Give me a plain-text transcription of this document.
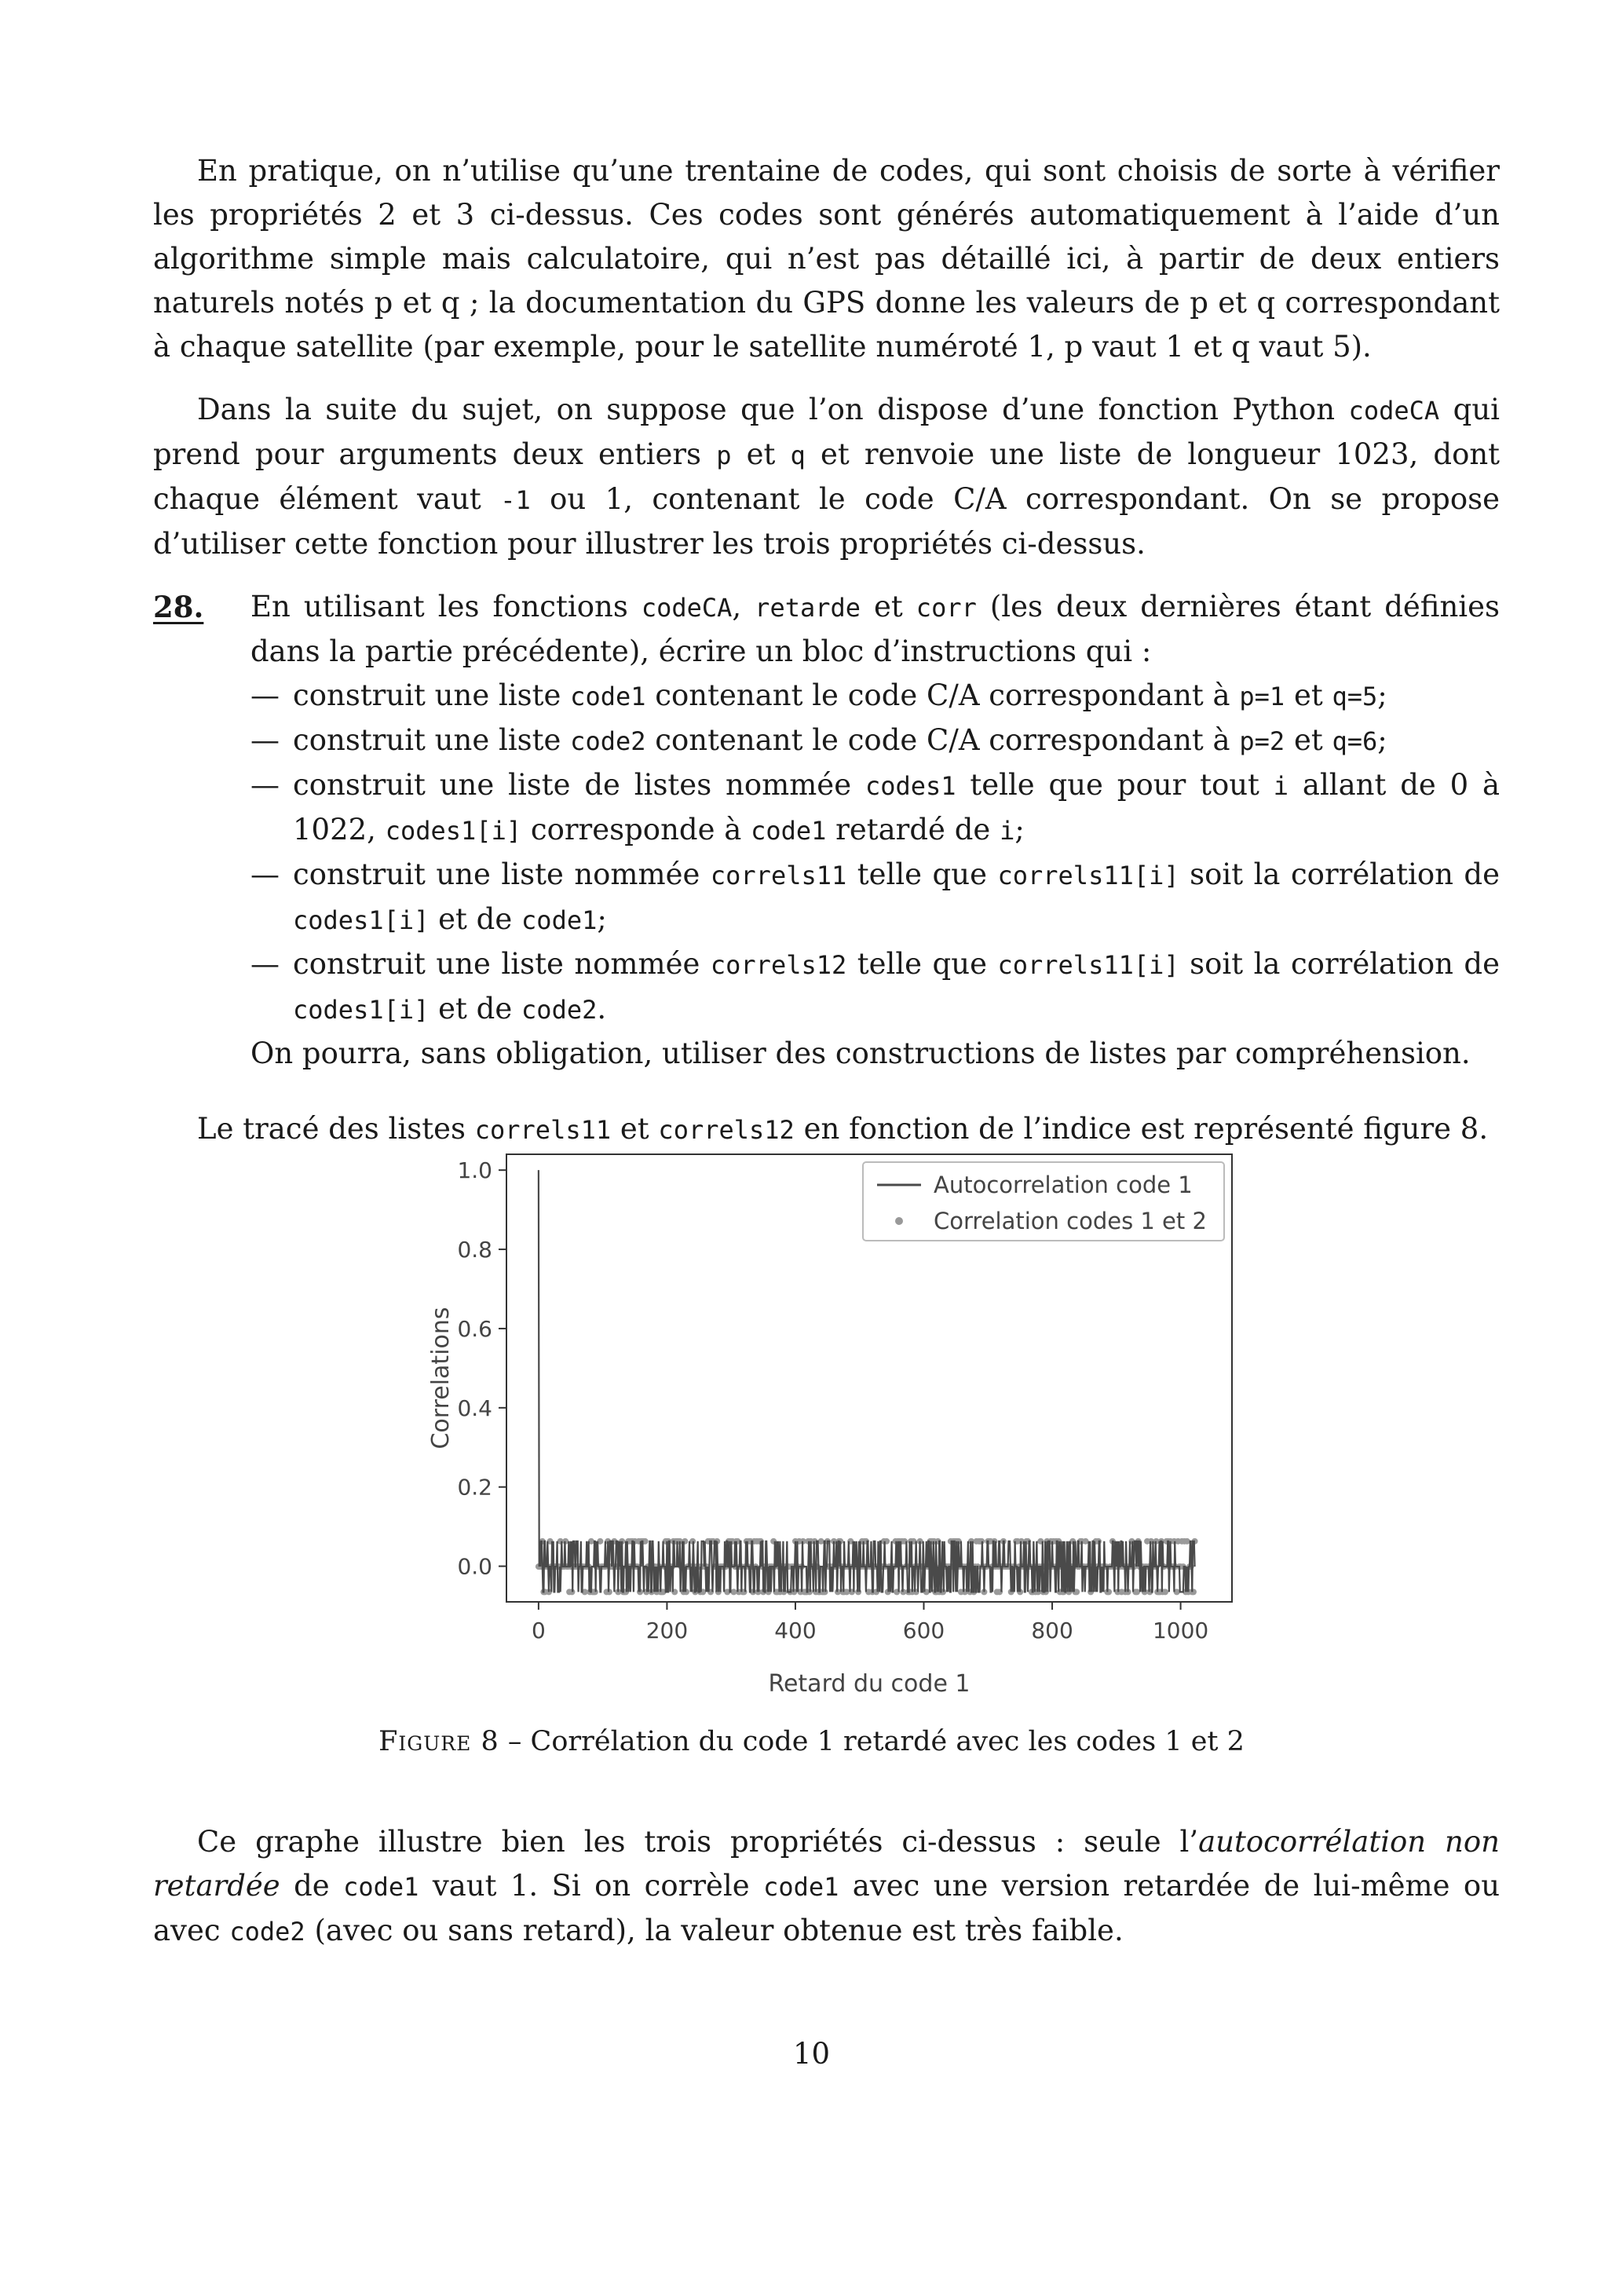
En pratique, on n’utilise qu’une trentaine de codes, qui sont choisis de sorte à vérifier les propriétés 2 et 3 ci-dessus. Ces codes sont générés automatiquement à l’aide d’un algorithme simple mais calculatoire, qui n’est pas détaillé ici, à partir de deux entiers naturels notés p et q ; la documentation du GPS donne les valeurs de p et q correspondant à chaque satellite (par exemple, pour le satellite numéroté 1, p vaut 1 et q vaut 5).

Dans la suite du sujet, on suppose que l’on dispose d’une fonction Python codeCA qui prend pour arguments deux entiers p et q et renvoie une liste de longueur 1023, dont chaque élément vaut -1 ou 1, contenant le code C/A correspondant. On se propose d’utiliser cette fonction pour illustrer les trois propriétés ci-dessus.

28. En utilisant les fonctions codeCA, retarde et corr (les deux dernières étant définies dans la partie précédente), écrire un bloc d’instructions qui :
— construit une liste code1 contenant le code C/A correspondant à p=1 et q=5;
— construit une liste code2 contenant le code C/A correspondant à p=2 et q=6;
— construit une liste de listes nommée codes1 telle que pour tout i allant de 0 à 1022, codes1[i] corresponde à code1 retardé de i;
— construit une liste nommée correls11 telle que correls11[i] soit la corrélation de codes1[i] et de code1;
— construit une liste nommée correls12 telle que correls11[i] soit la corrélation de codes1[i] et de code2.
On pourra, sans obligation, utiliser des constructions de listes par compréhension.

Le tracé des listes correls11 et correls12 en fonction de l’indice est représenté figure 8.

0.0
0.2
0.4
0.6
0.8
1.0
0	200	400	600	800	1000
Correlations
Retard du code 1
Autocorrelation code 1
Correlation codes 1 et 2
Figure 8 – Corrélation du code 1 retardé avec les codes 1 et 2

Ce graphe illustre bien les trois propriétés ci-dessus : seule l’autocorrélation non retardée de code1 vaut 1. Si on corrèle code1 avec une version retardée de lui-même ou avec code2 (avec ou sans retard), la valeur obtenue est très faible.

10
